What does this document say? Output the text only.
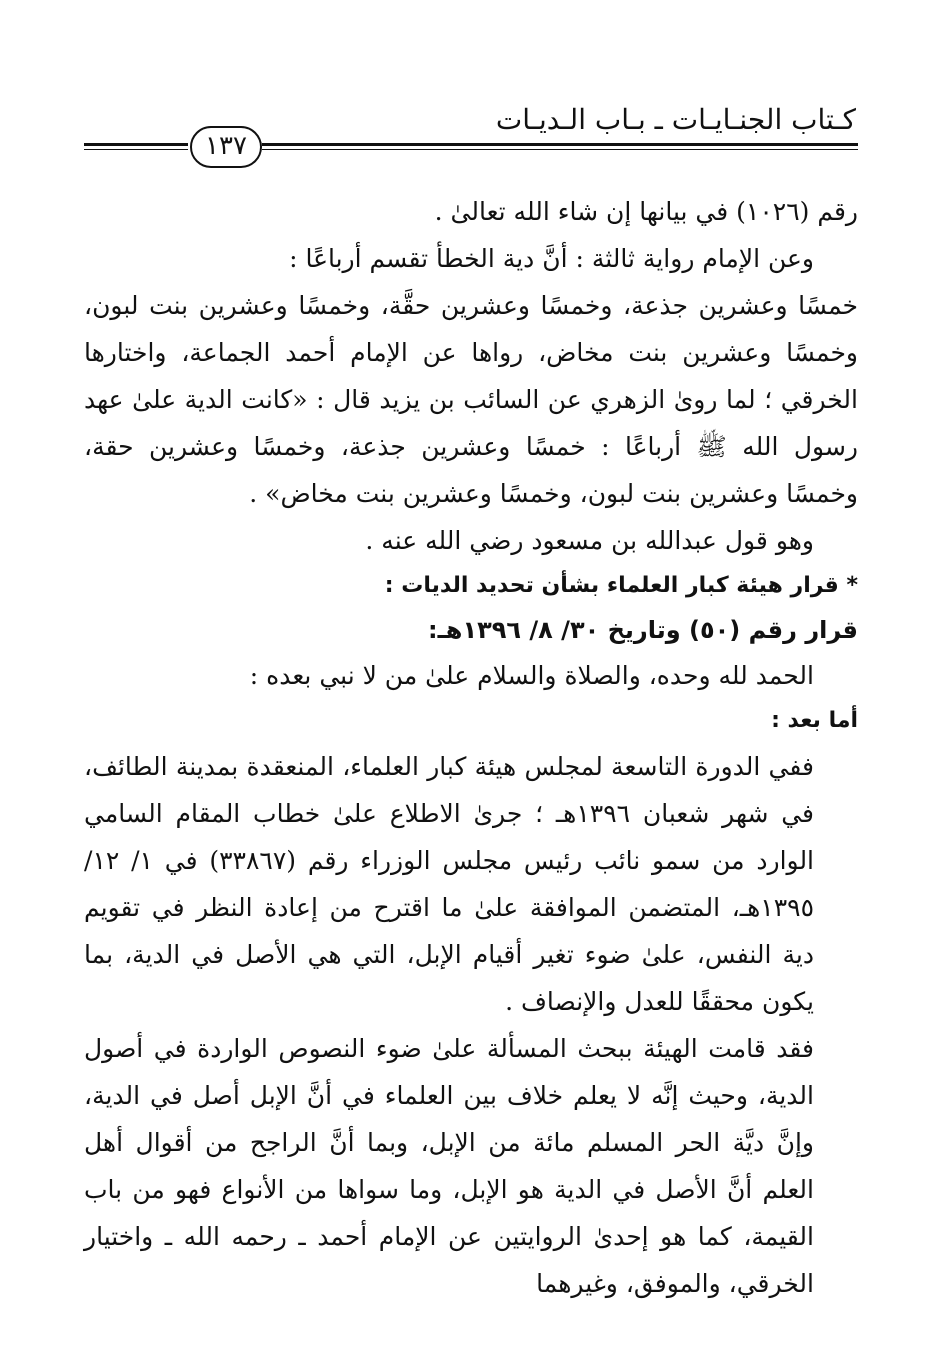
كـتاب الجنـايـات ـ بـاب الـديـات
١٣٧

رقم (١٠٢٦) في بيانها إن شاء الله تعالىٰ .

وعن الإمام رواية ثالثة : أنَّ دية الخطأ تقسم أرباعًا :

خمسًا وعشرين جذعة، وخمسًا وعشرين حقَّة، وخمسًا وعشرين بنت لبون، وخمسًا وعشرين بنت مخاض، رواها عن الإمام أحمد الجماعة، واختارها الخرقي ؛ لما روىٰ الزهري عن السائب بن يزيد قال : «كانت الدية علىٰ عهد رسول الله ﷺ أرباعًا : خمسًا وعشرين جذعة، وخمسًا وعشرين حقة، وخمسًا وعشرين بنت لبون، وخمسًا وعشرين بنت مخاض» .

وهو قول عبدالله بن مسعود رضي الله عنه .

* قرار هيئة كبار العلماء بشأن تحديد الديات :

قرار رقم (٥٠) وتاريخ ٣٠/ ٨/ ١٣٩٦هـ:

الحمد لله وحده، والصلاة والسلام علىٰ من لا نبي بعده :

أما بعد :

ففي الدورة التاسعة لمجلس هيئة كبار العلماء، المنعقدة بمدينة الطائف، في شهر شعبان ١٣٩٦هـ ؛ جرىٰ الاطلاع علىٰ خطاب المقام السامي الوارد من سمو نائب رئيس مجلس الوزراء رقم (٣٣٨٦٧) في ١/ ١٢/ ١٣٩٥هـ، المتضمن الموافقة علىٰ ما اقترح من إعادة النظر في تقويم دية النفس، علىٰ ضوء تغير أقيام الإبل، التي هي الأصل في الدية، بما يكون محققًا للعدل والإنصاف .

فقد قامت الهيئة ببحث المسألة علىٰ ضوء النصوص الواردة في أصول الدية، وحيث إنَّه لا يعلم خلاف بين العلماء في أنَّ الإبل أصل في الدية، وإنَّ ديَّة الحر المسلم مائة من الإبل، وبما أنَّ الراجح من أقوال أهل العلم أنَّ الأصل في الدية هو الإبل، وما سواها من الأنواع فهو من باب القيمة، كما هو إحدىٰ الروايتين عن الإمام أحمد ـ رحمه الله ـ واختيار الخرقي، والموفق، وغيرهما
